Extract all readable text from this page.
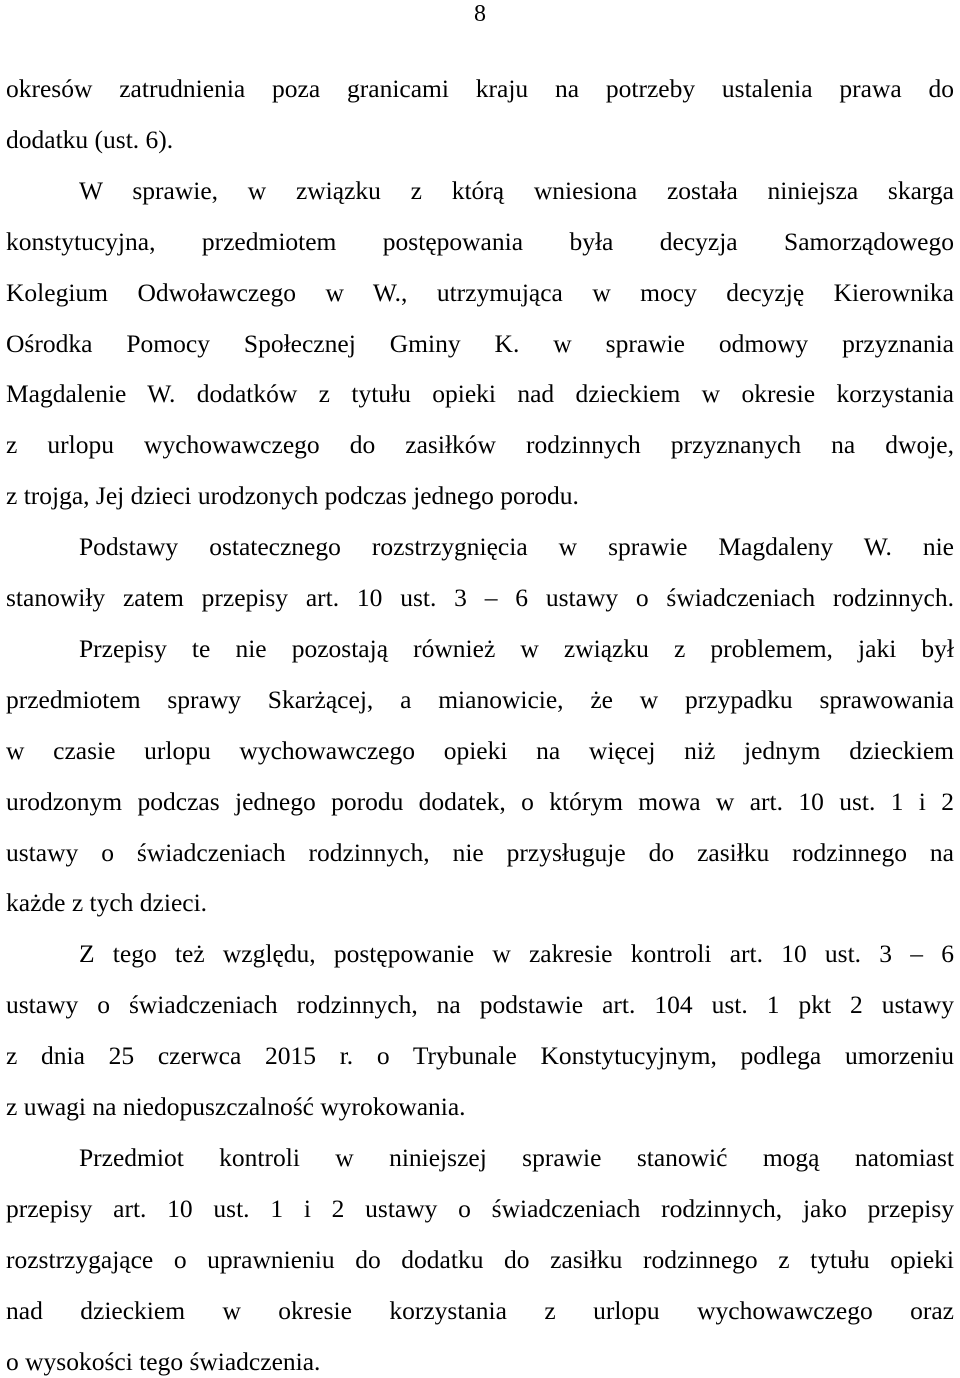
8
okresów zatrudnienia poza granicami kraju na potrzeby ustalenia prawa do
dodatku (ust. 6).
W sprawie, w związku z którą wniesiona została niniejsza skarga
konstytucyjna, przedmiotem postępowania była decyzja Samorządowego
Kolegium Odwoławczego w W., utrzymująca w mocy decyzję Kierownika
Ośrodka Pomocy Społecznej Gminy K. w sprawie odmowy przyznania
Magdalenie W. dodatków z tytułu opieki nad dzieckiem w okresie korzystania
z urlopu wychowawczego do zasiłków rodzinnych przyznanych na dwoje,
z trojga, Jej dzieci urodzonych podczas jednego porodu.
Podstawy ostatecznego rozstrzygnięcia w sprawie Magdaleny W. nie
stanowiły zatem przepisy art. 10 ust. 3 – 6 ustawy o świadczeniach rodzinnych.
Przepisy te nie pozostają również w związku z problemem, jaki był
przedmiotem sprawy Skarżącej, a mianowicie, że w przypadku sprawowania
w czasie urlopu wychowawczego opieki na więcej niż jednym dzieckiem
urodzonym podczas jednego porodu dodatek, o którym mowa w art. 10 ust. 1 i 2
ustawy o świadczeniach rodzinnych, nie przysługuje do zasiłku rodzinnego na
każde z tych dzieci.
Z tego też względu, postępowanie w zakresie kontroli art. 10 ust. 3 – 6
ustawy o świadczeniach rodzinnych, na podstawie art. 104 ust. 1 pkt 2 ustawy
z dnia 25 czerwca 2015 r. o Trybunale Konstytucyjnym, podlega umorzeniu
z uwagi na niedopuszczalność wyrokowania.
Przedmiot kontroli w niniejszej sprawie stanowić mogą natomiast
przepisy art. 10 ust. 1 i 2 ustawy o świadczeniach rodzinnych, jako przepisy
rozstrzygające o uprawnieniu do dodatku do zasiłku rodzinnego z tytułu opieki
nad dzieckiem w okresie korzystania z urlopu wychowawczego oraz
o wysokości tego świadczenia.
